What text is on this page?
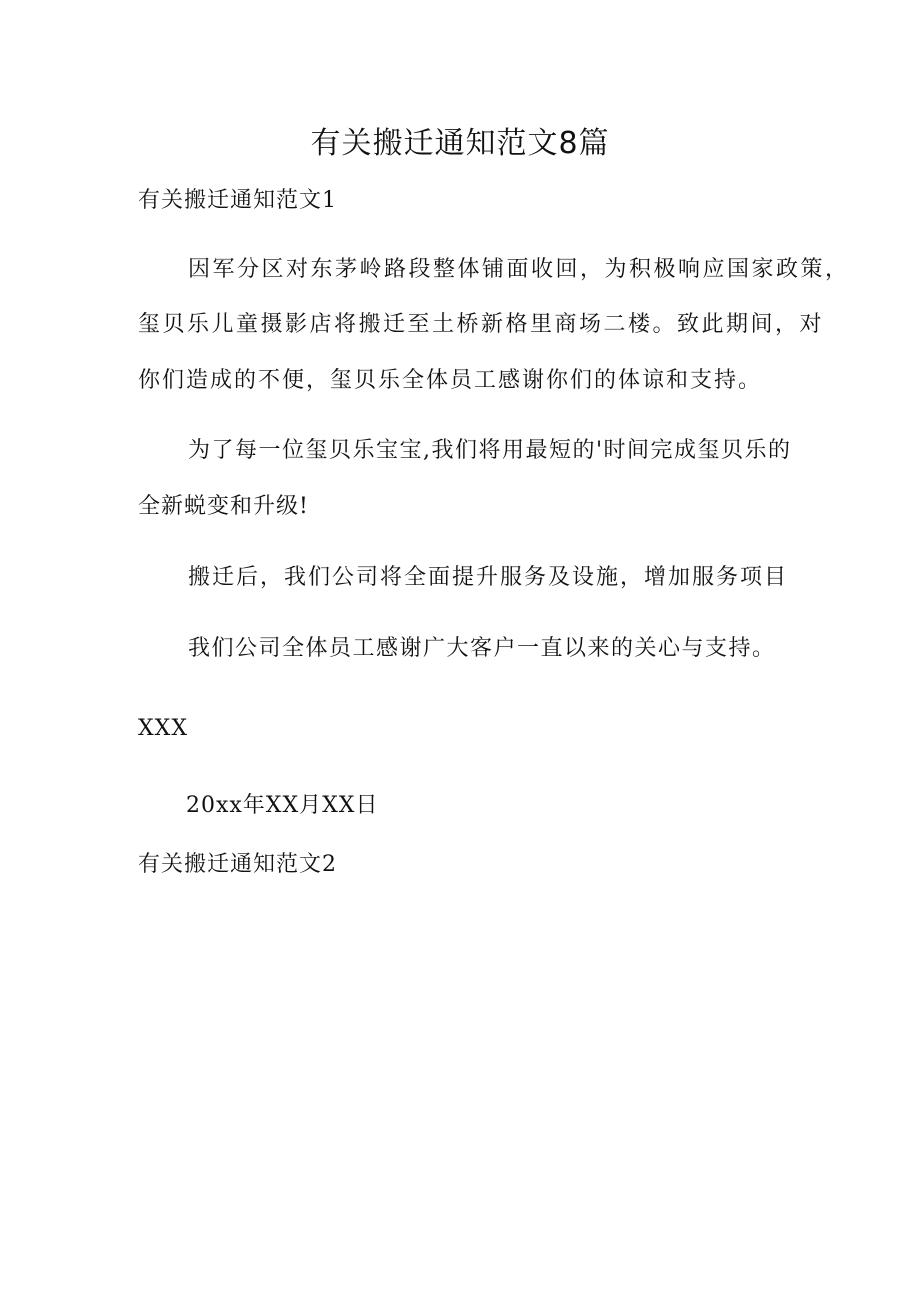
有关搬迁通知范文8篇
有关搬迁通知范文1
因军分区对东茅岭路段整体铺面收回，为积极响应国家政策，
玺贝乐儿童摄影店将搬迁至土桥新格里商场二楼。致此期间，对
你们造成的不便，玺贝乐全体员工感谢你们的体谅和支持。
为了每一位玺贝乐宝宝,我们将用最短的'时间完成玺贝乐的
全新蜕变和升级!
搬迁后，我们公司将全面提升服务及设施，增加服务项目
我们公司全体员工感谢广大客户一直以来的关心与支持。
XXX
20xx年XX月XX日
有关搬迁通知范文2
